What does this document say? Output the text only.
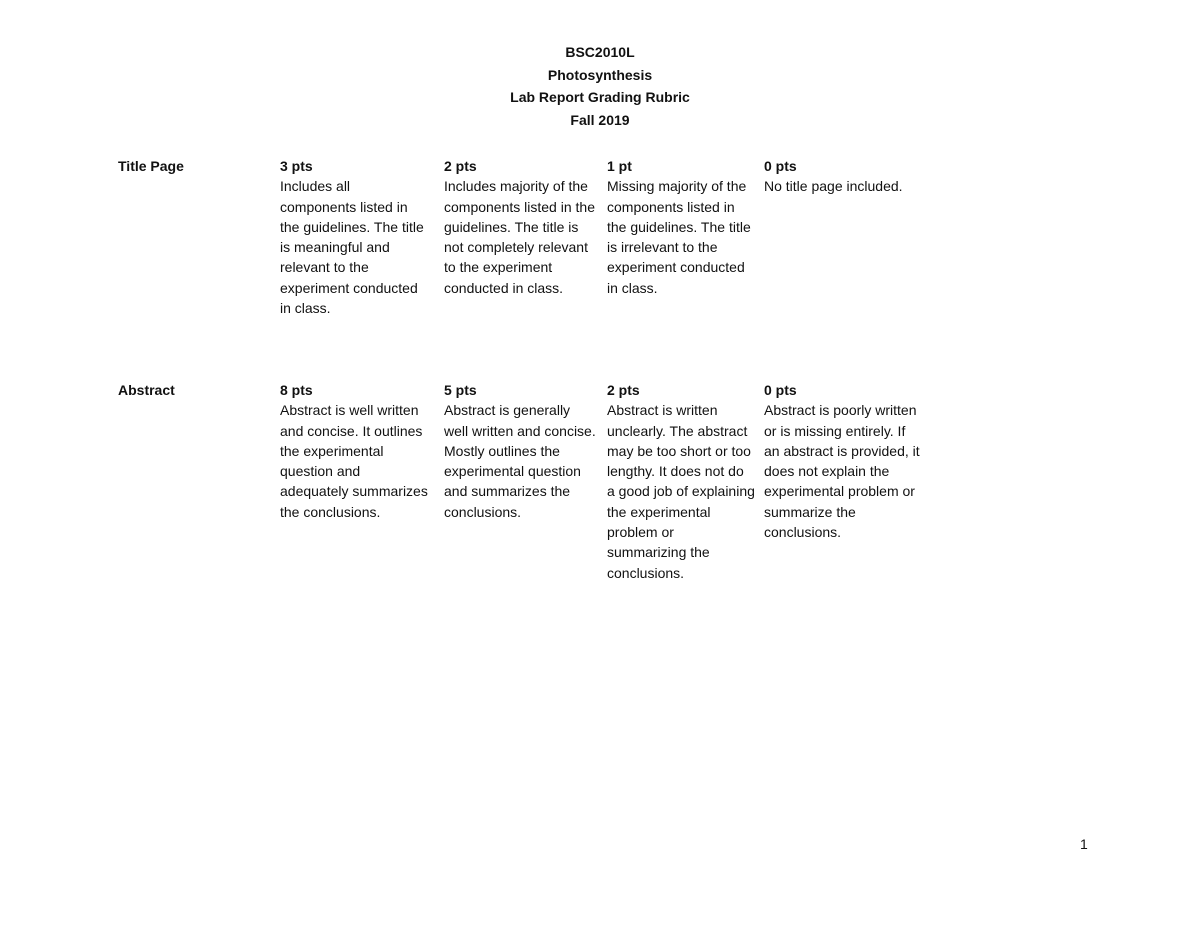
BSC2010L
Photosynthesis
Lab Report Grading Rubric
Fall 2019
Title Page	3 pts
Includes all components listed in the guidelines. The title is meaningful and relevant to the experiment conducted in class.
2 pts
Includes majority of the components listed in the guidelines. The title is not completely relevant to the experiment conducted in class.
1 pt
Missing majority of the components listed in the guidelines. The title is irrelevant to the experiment conducted in class.
0 pts
No title page included.
Abstract	8 pts
Abstract is well written and concise. It outlines the experimental question and adequately summarizes the conclusions.
5 pts
Abstract is generally well written and concise. Mostly outlines the experimental question and summarizes the conclusions.
2 pts
Abstract is written unclearly. The abstract may be too short or too lengthy. It does not do a good job of explaining the experimental problem or summarizing the conclusions.
0 pts
Abstract is poorly written or is missing entirely. If an abstract is provided, it does not explain the experimental problem or summarize the conclusions.
1
